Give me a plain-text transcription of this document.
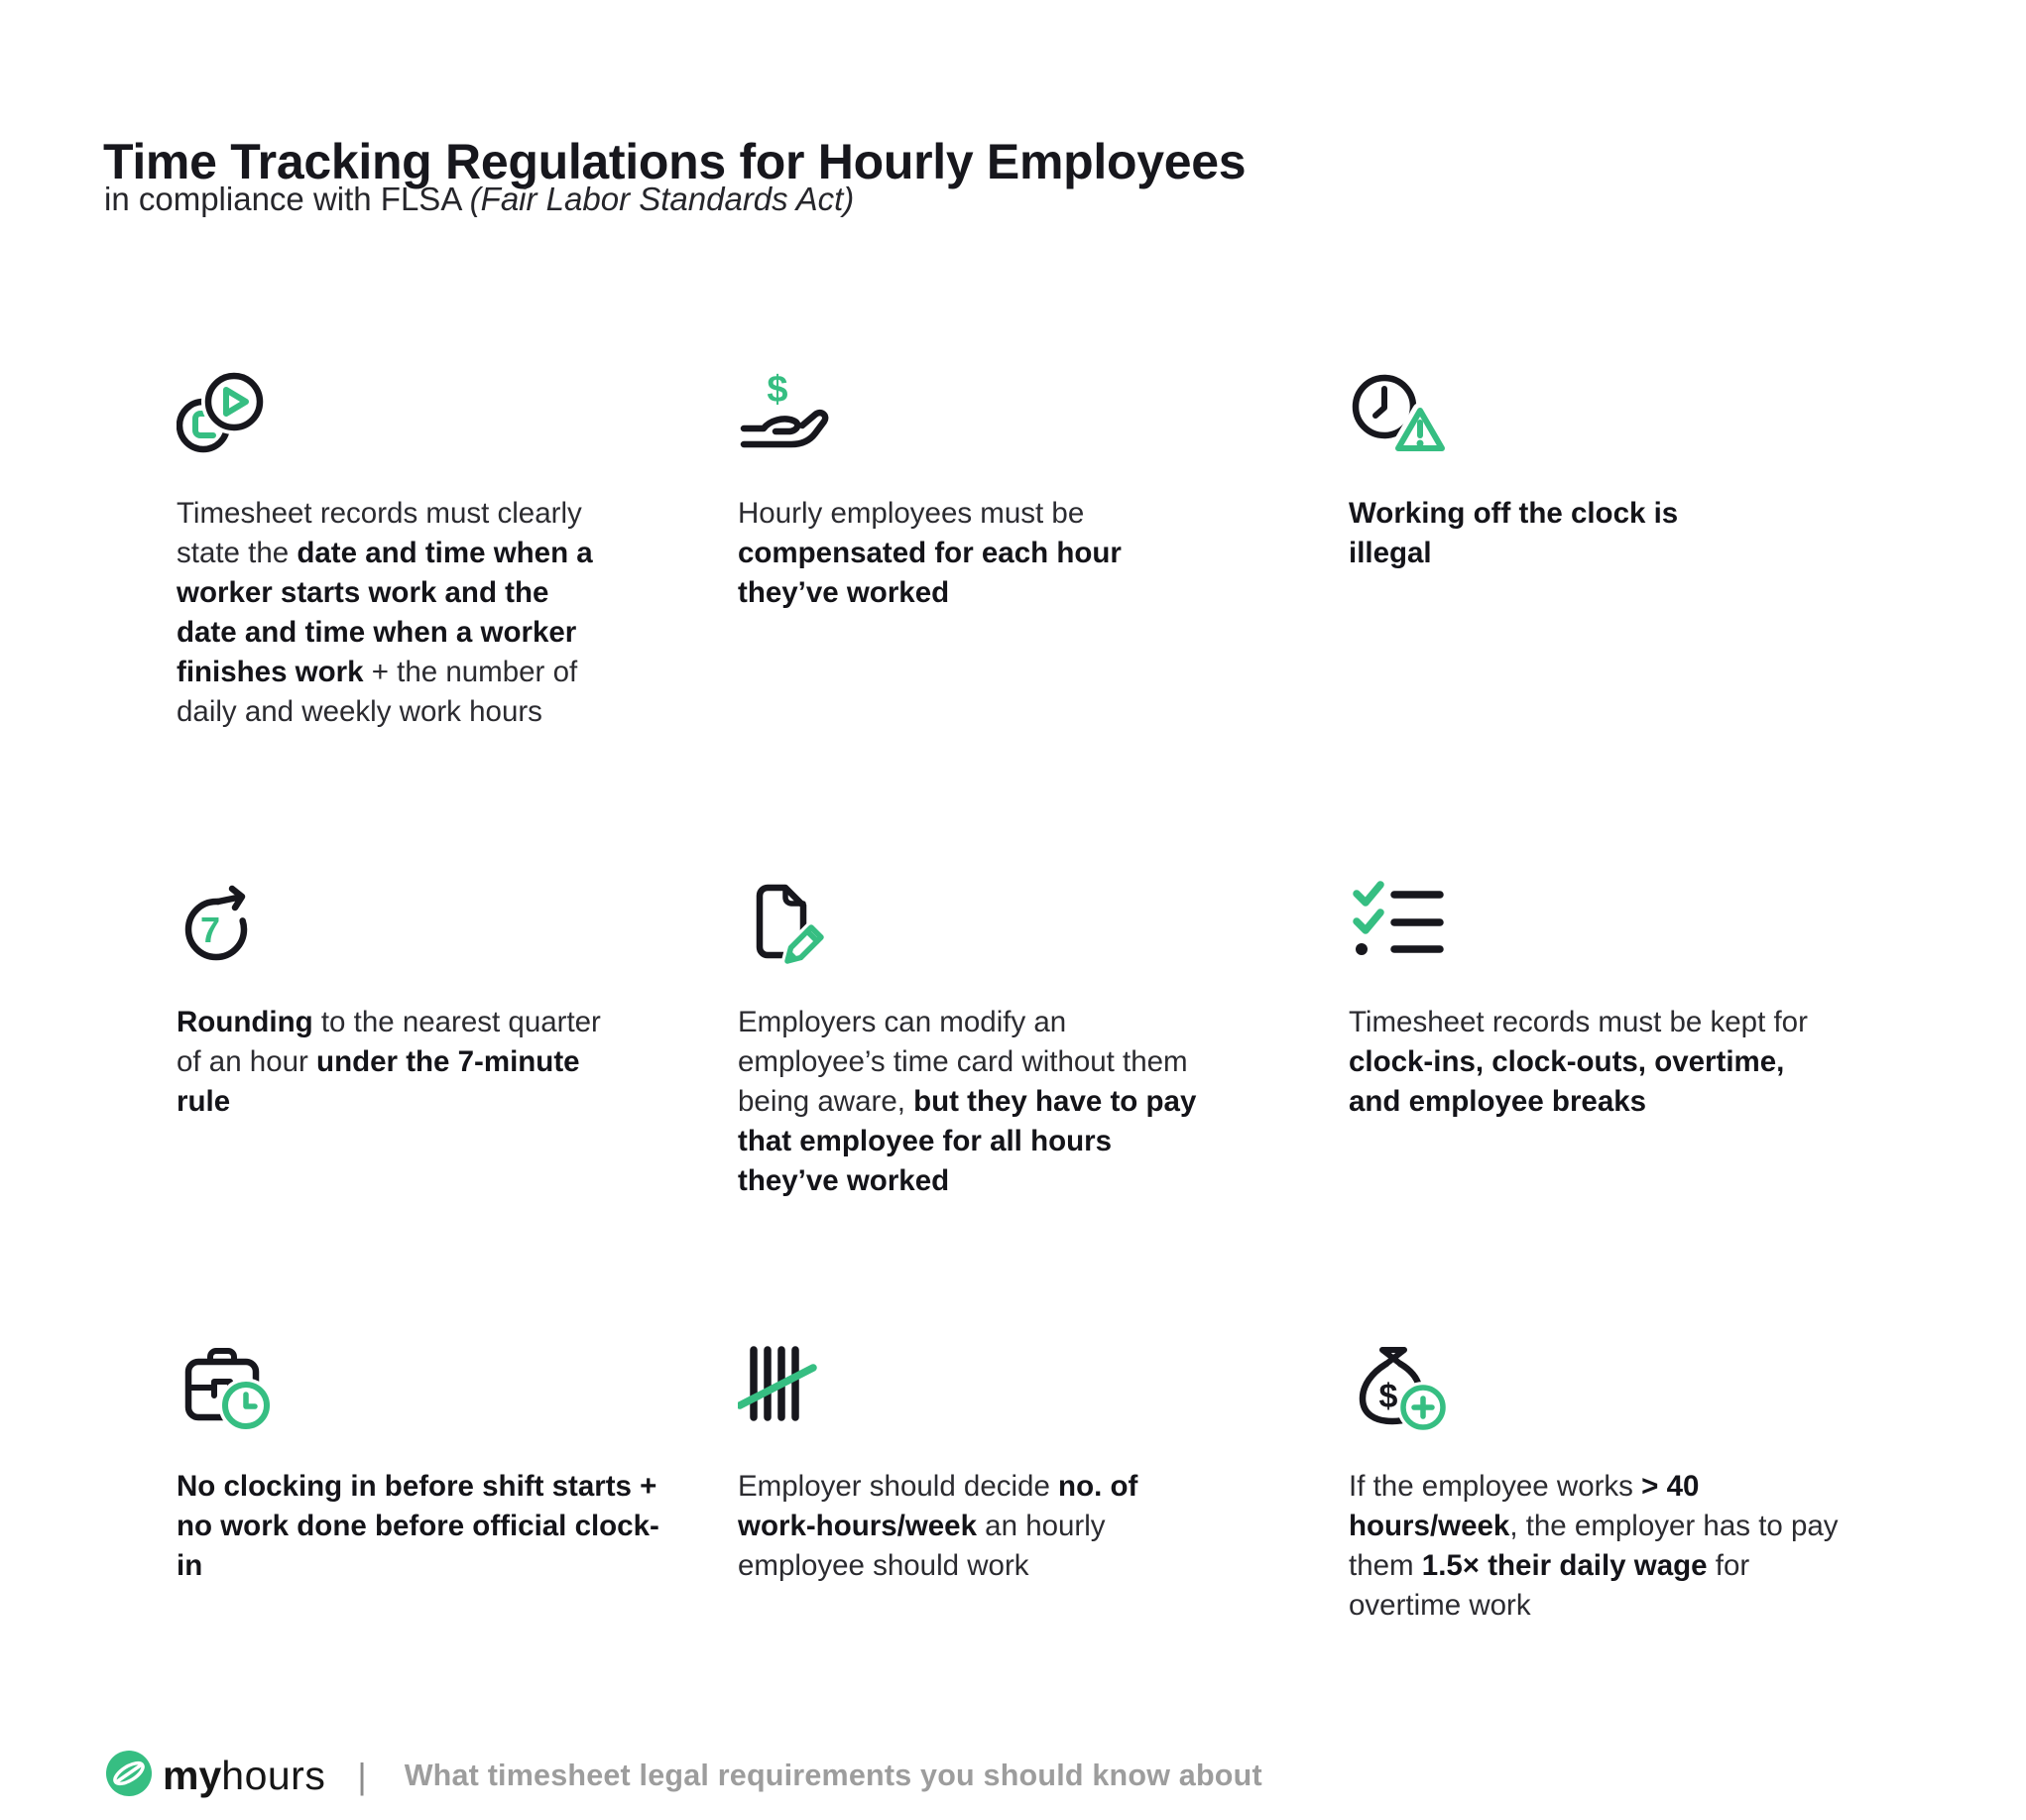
Time Tracking Regulations for Hourly Employees
in compliance with FLSA (Fair Labor Standards Act)

Timesheet records must clearly state the date and time when a worker starts work and the date and time when a worker finishes work + the number of daily and weekly work hours

$

Hourly employees must be compensated for each hour they’ve worked

Working off the clock is illegal

7

Rounding to the nearest quarter of an hour under the 7-minute rule

Employers can modify an employee’s time card without them being aware, but they have to pay that employee for all hours they’ve worked

Timesheet records must be kept for clock-ins, clock-outs, overtime, and employee breaks

No clocking in before shift starts + no work done before official clock-in

Employer should decide no. of work-hours/week an hourly employee should work

$

If the employee works > 40 hours/week, the employer has to pay them 1.5× their daily wage for overtime work

myhours | What timesheet legal requirements you should know about
